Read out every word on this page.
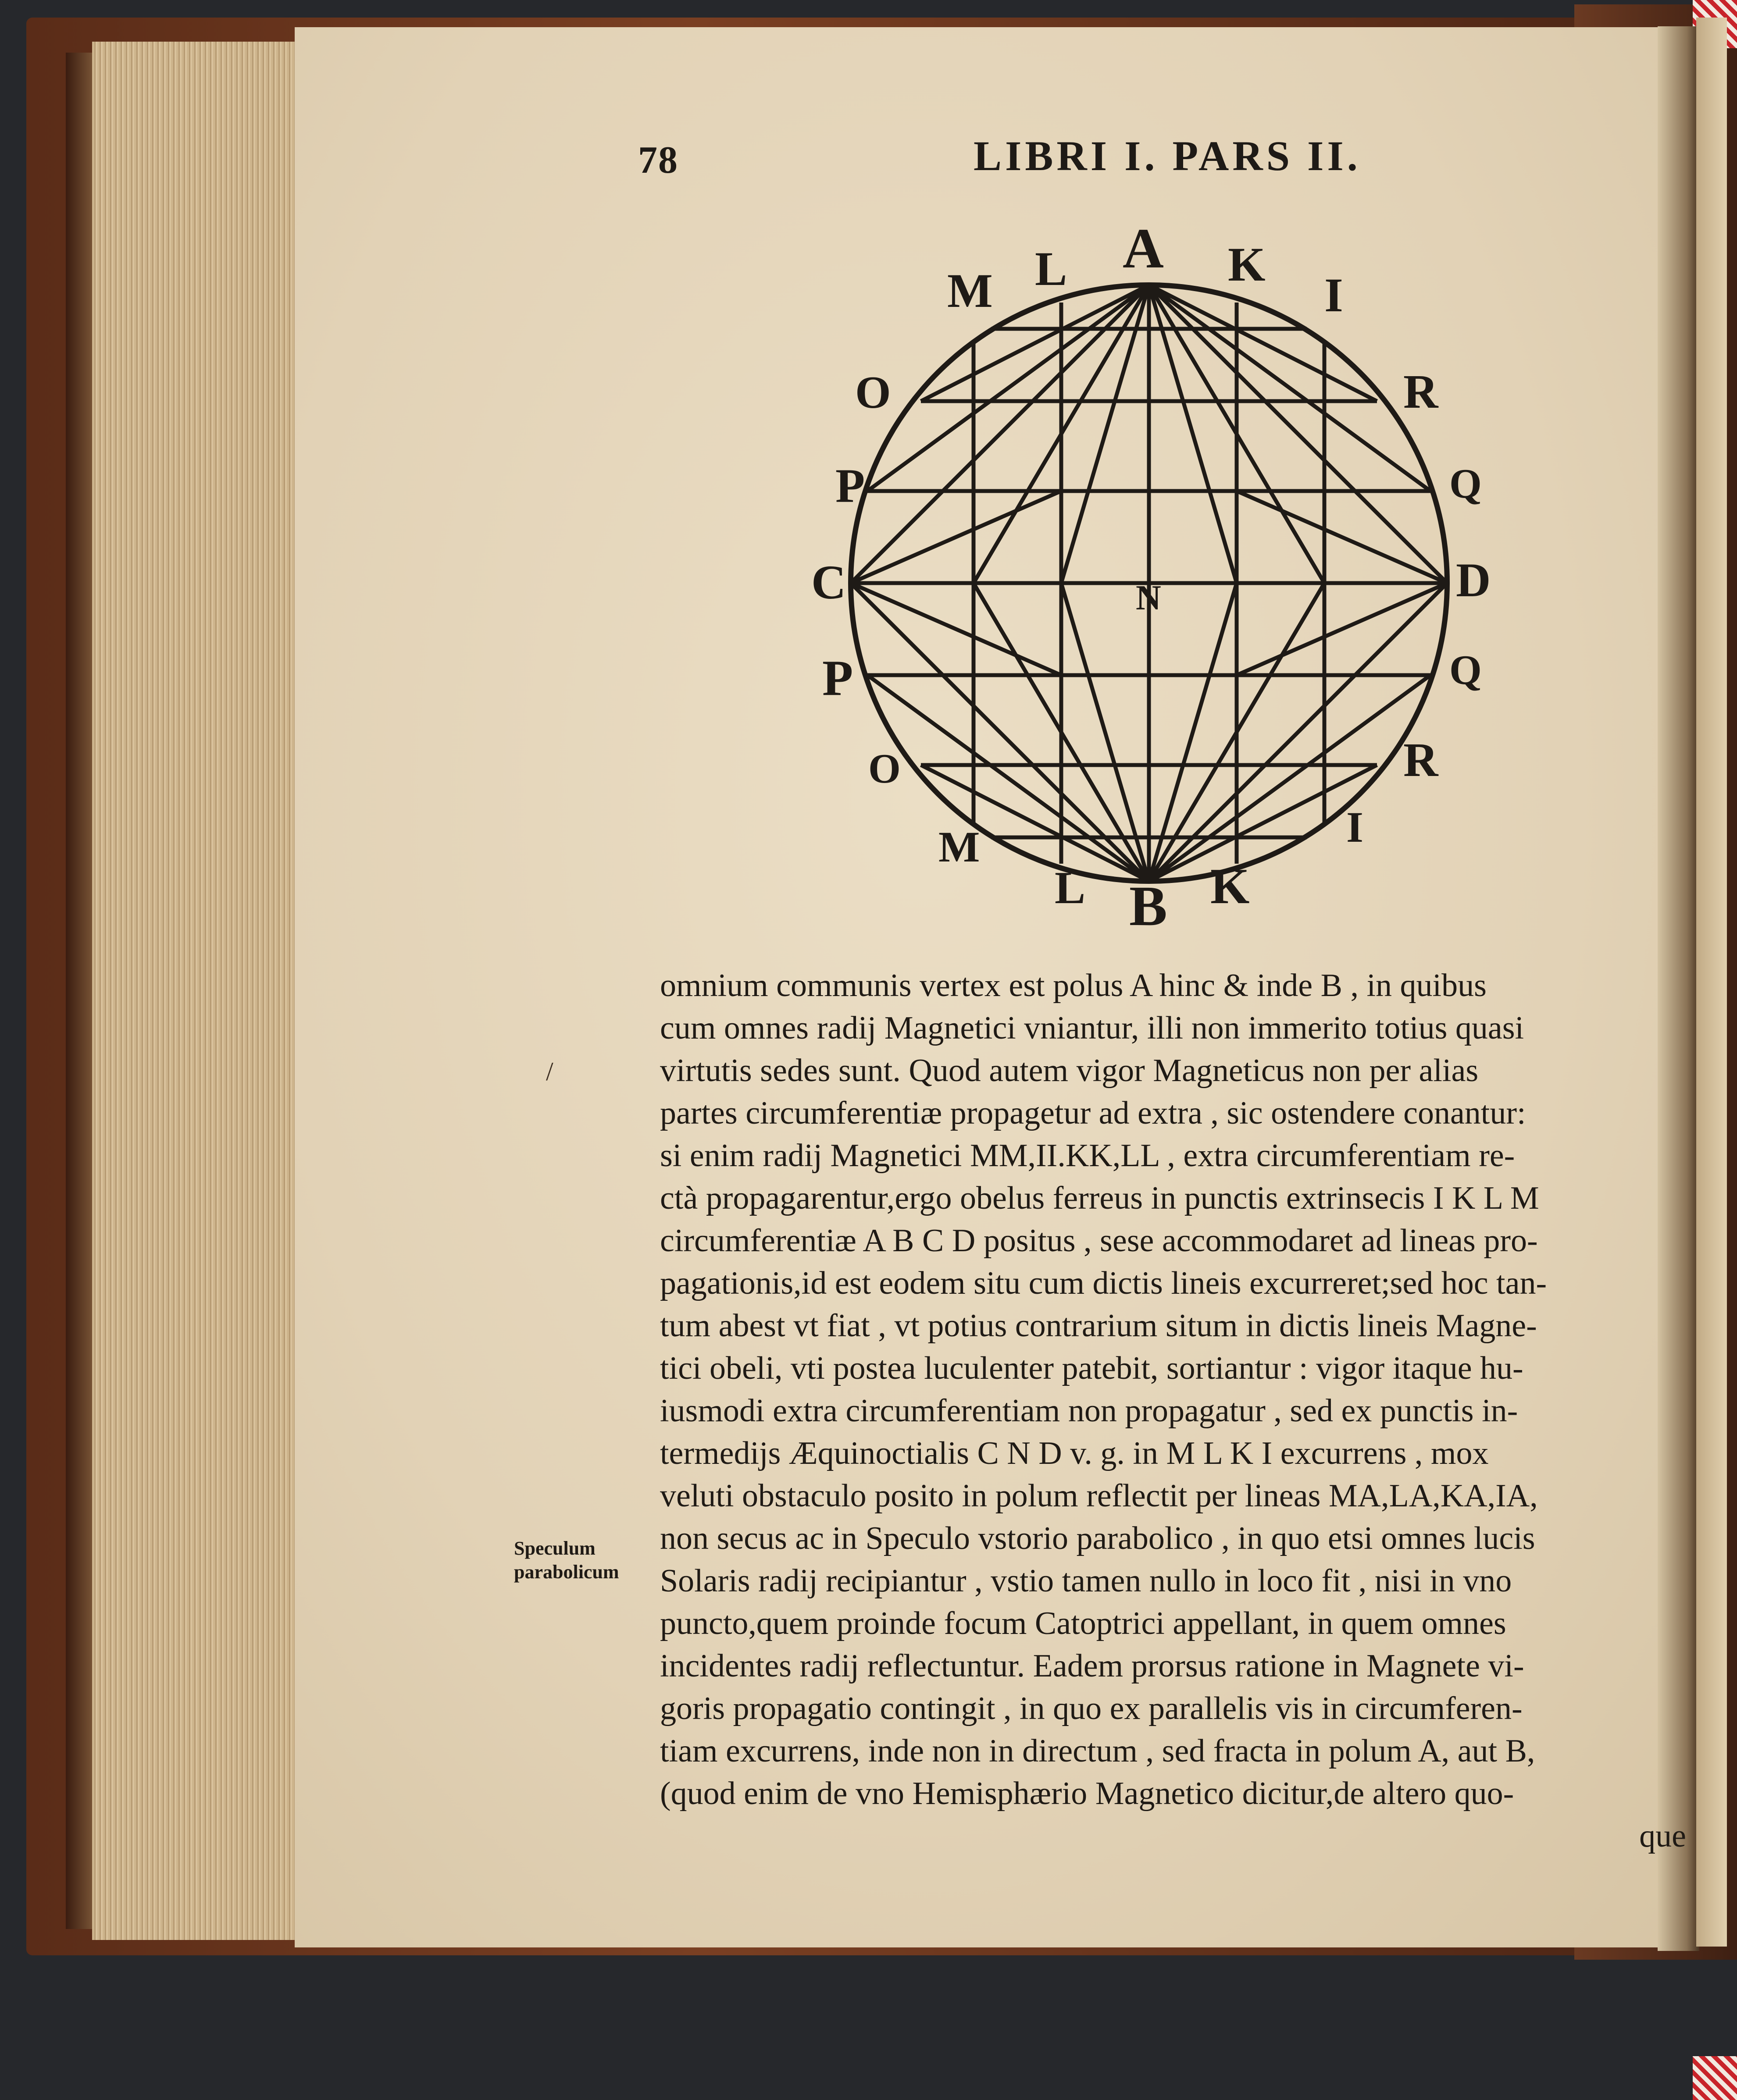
78	LIBRI I. PARS II.
M L A K
I
O
P
C
P
O
R
Q
D
Q
R
M
L B K
I
N
Speculum
parabolicum
/
omnium communis vertex est polus A hinc & inde B , in quibus
cum omnes radij Magnetici vniantur, illi non immerito totius quasi
virtutis sedes sunt. Quod autem vigor Magneticus non per alias
partes circumferentiæ propagetur ad extra , sic ostendere conantur:
si enim radij Magnetici MM,II.KK,LL , extra circumferentiam re-
ctà propagarentur,ergo obelus ferreus in punctis extrinsecis I K L M
circumferentiæ A B C D positus , sese accommodaret ad lineas pro-
pagationis,id est eodem situ cum dictis lineis excurreret;sed hoc tan-
tum abest vt fiat , vt potius contrarium situm in dictis lineis Magne-
tici obeli, vti postea luculenter patebit, sortiantur : vigor itaque hu-
iusmodi extra circumferentiam non propagatur , sed ex punctis in-
termedijs Æquinoctialis C N D v. g. in M L K I excurrens , mox
veluti obstaculo posito in polum reflectit per lineas MA,LA,KA,IA,
non secus ac in Speculo vstorio parabolico , in quo etsi omnes lucis
Solaris radij recipiantur , vstio tamen nullo in loco fit , nisi in vno
puncto,quem proinde focum Catoptrici appellant, in quem omnes
incidentes radij reflectuntur. Eadem prorsus ratione in Magnete vi-
goris propagatio contingit , in quo ex parallelis vis in circumferen-
tiam excurrens, inde non in directum , sed fracta in polum A, aut B,
(quod enim de vno Hemisphærio Magnetico dicitur,de altero quo-
que
